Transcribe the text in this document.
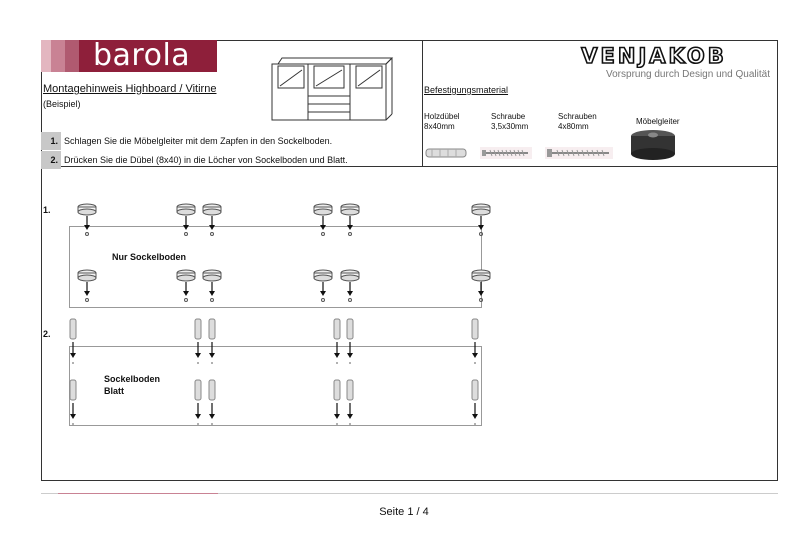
barola
Montagehinweis Highboard / Vitirne
(Beispiel)
1. Schlagen Sie die Möbelgleiter mit dem Zapfen in den Sockelboden.
2. Drücken Sie die Dübel (8x40) in die Löcher von Sockelboden und Blatt.
VENJAKOB
Vorsprung durch Design und Qualität
Befestigungsmaterial
Holzdübel
8x40mm
Schraube
3,5x30mm
Schrauben
4x80mm
Möbelgleiter
1.
Nur Sockelboden
2.
Sockelboden
Blatt
Seite 1 / 4
